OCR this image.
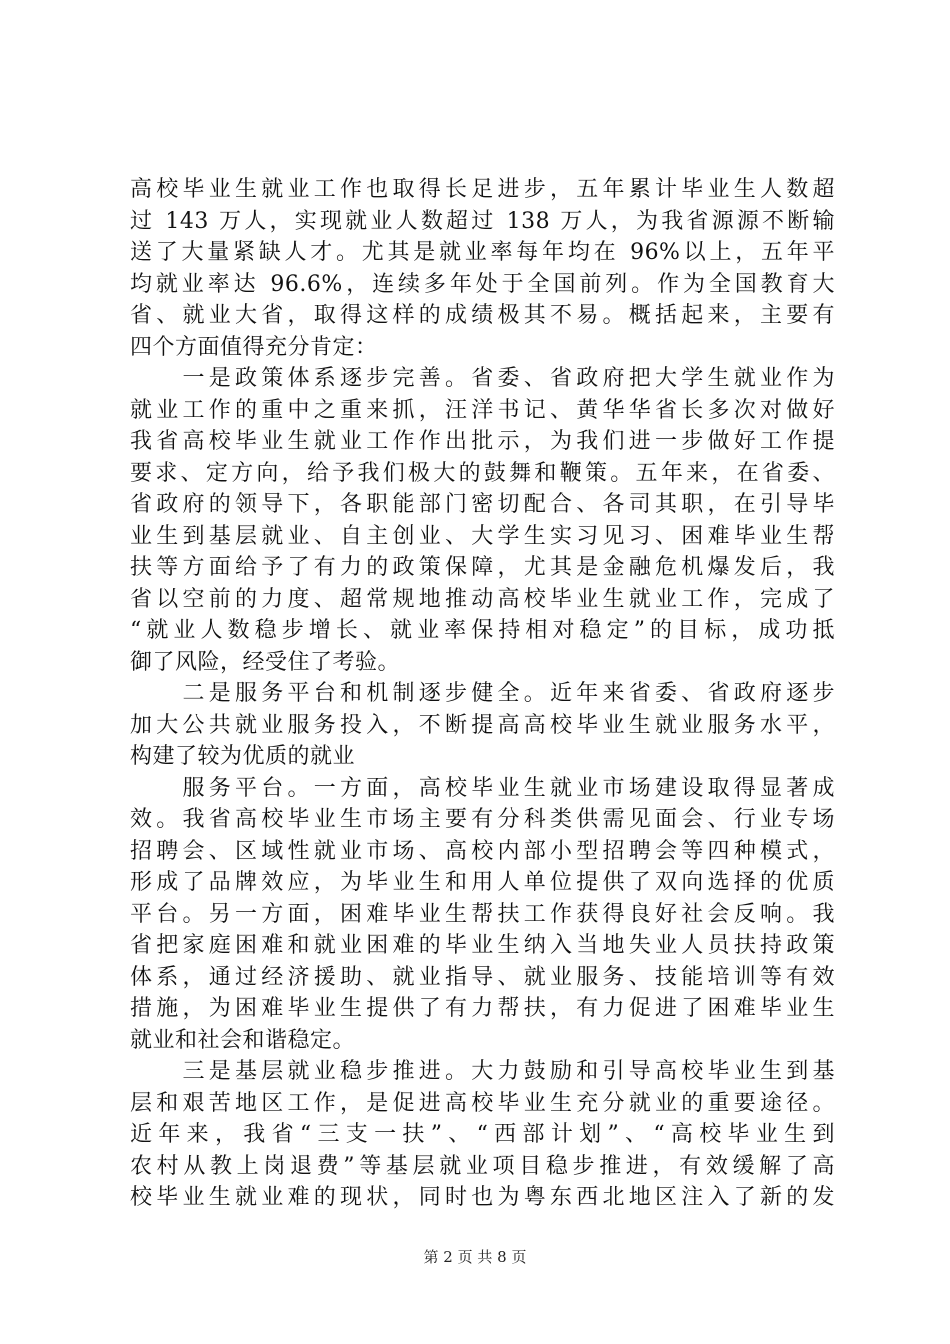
高校毕业生就业工作也取得长足进步，五年累计毕业生人数超
过 143 万人，实现就业人数超过 138 万人，为我省源源不断输
送了大量紧缺人才。尤其是就业率每年均在 96%以上，五年平
均就业率达 96.6%，连续多年处于全国前列。作为全国教育大
省、就业大省，取得这样的成绩极其不易。概括起来，主要有
四个方面值得充分肯定：
　　一是政策体系逐步完善。省委、省政府把大学生就业作为
就业工作的重中之重来抓，汪洋书记、黄华华省长多次对做好
我省高校毕业生就业工作作出批示，为我们进一步做好工作提
要求、定方向，给予我们极大的鼓舞和鞭策。五年来，在省委、
省政府的领导下，各职能部门密切配合、各司其职，在引导毕
业生到基层就业、自主创业、大学生实习见习、困难毕业生帮
扶等方面给予了有力的政策保障，尤其是金融危机爆发后，我
省以空前的力度、超常规地推动高校毕业生就业工作，完成了
“就业人数稳步增长、就业率保持相对稳定”的目标，成功抵
御了风险，经受住了考验。
　　二是服务平台和机制逐步健全。近年来省委、省政府逐步
加大公共就业服务投入，不断提高高校毕业生就业服务水平，
构建了较为优质的就业
　　服务平台。一方面，高校毕业生就业市场建设取得显著成
效。我省高校毕业生市场主要有分科类供需见面会、行业专场
招聘会、区域性就业市场、高校内部小型招聘会等四种模式，
形成了品牌效应，为毕业生和用人单位提供了双向选择的优质
平台。另一方面，困难毕业生帮扶工作获得良好社会反响。我
省把家庭困难和就业困难的毕业生纳入当地失业人员扶持政策
体系，通过经济援助、就业指导、就业服务、技能培训等有效
措施，为困难毕业生提供了有力帮扶，有力促进了困难毕业生
就业和社会和谐稳定。
　　三是基层就业稳步推进。大力鼓励和引导高校毕业生到基
层和艰苦地区工作，是促进高校毕业生充分就业的重要途径。
近年来，我省“三支一扶”、“西部计划”、“高校毕业生到
农村从教上岗退费”等基层就业项目稳步推进，有效缓解了高
校毕业生就业难的现状，同时也为粤东西北地区注入了新的发
第 2 页 共 8 页
